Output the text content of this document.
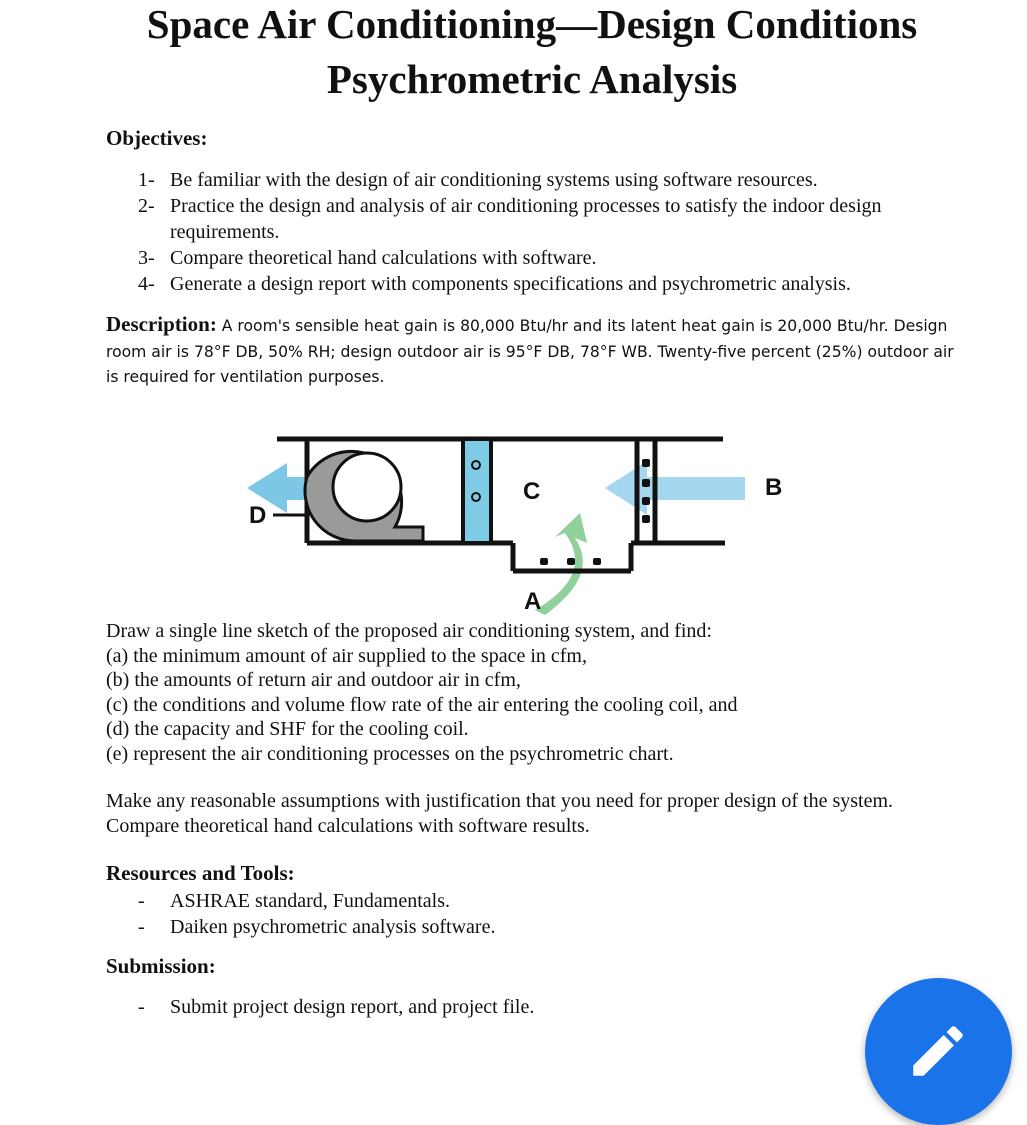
Space Air Conditioning—Design Conditions
Psychrometric Analysis
Objectives:
1- Be familiar with the design of air conditioning systems using software resources.
2- Practice the design and analysis of air conditioning processes to satisfy the indoor design requirements.
3- Compare theoretical hand calculations with software.
4- Generate a design report with components specifications and psychrometric analysis.

Description: A room's sensible heat gain is 80,000 Btu/hr and its latent heat gain is 20,000 Btu/hr. Design room air is 78°F DB, 50% RH; design outdoor air is 95°F DB, 78°F WB. Twenty-five percent (25%) outdoor air is required for ventilation purposes.

C	B
D
A
Draw a single line sketch of the proposed air conditioning system, and find:
(a) the minimum amount of air supplied to the space in cfm,
(b) the amounts of return air and outdoor air in cfm,
(c) the conditions and volume flow rate of the air entering the cooling coil, and
(d) the capacity and SHF for the cooling coil.
(e) represent the air conditioning processes on the psychrometric chart.
Make any reasonable assumptions with justification that you need for proper design of the system.
Compare theoretical hand calculations with software results.
Resources and Tools:
-	ASHRAE standard, Fundamentals.
-	Daiken psychrometric analysis software.
Submission:
-	Submit project design report, and project file.
